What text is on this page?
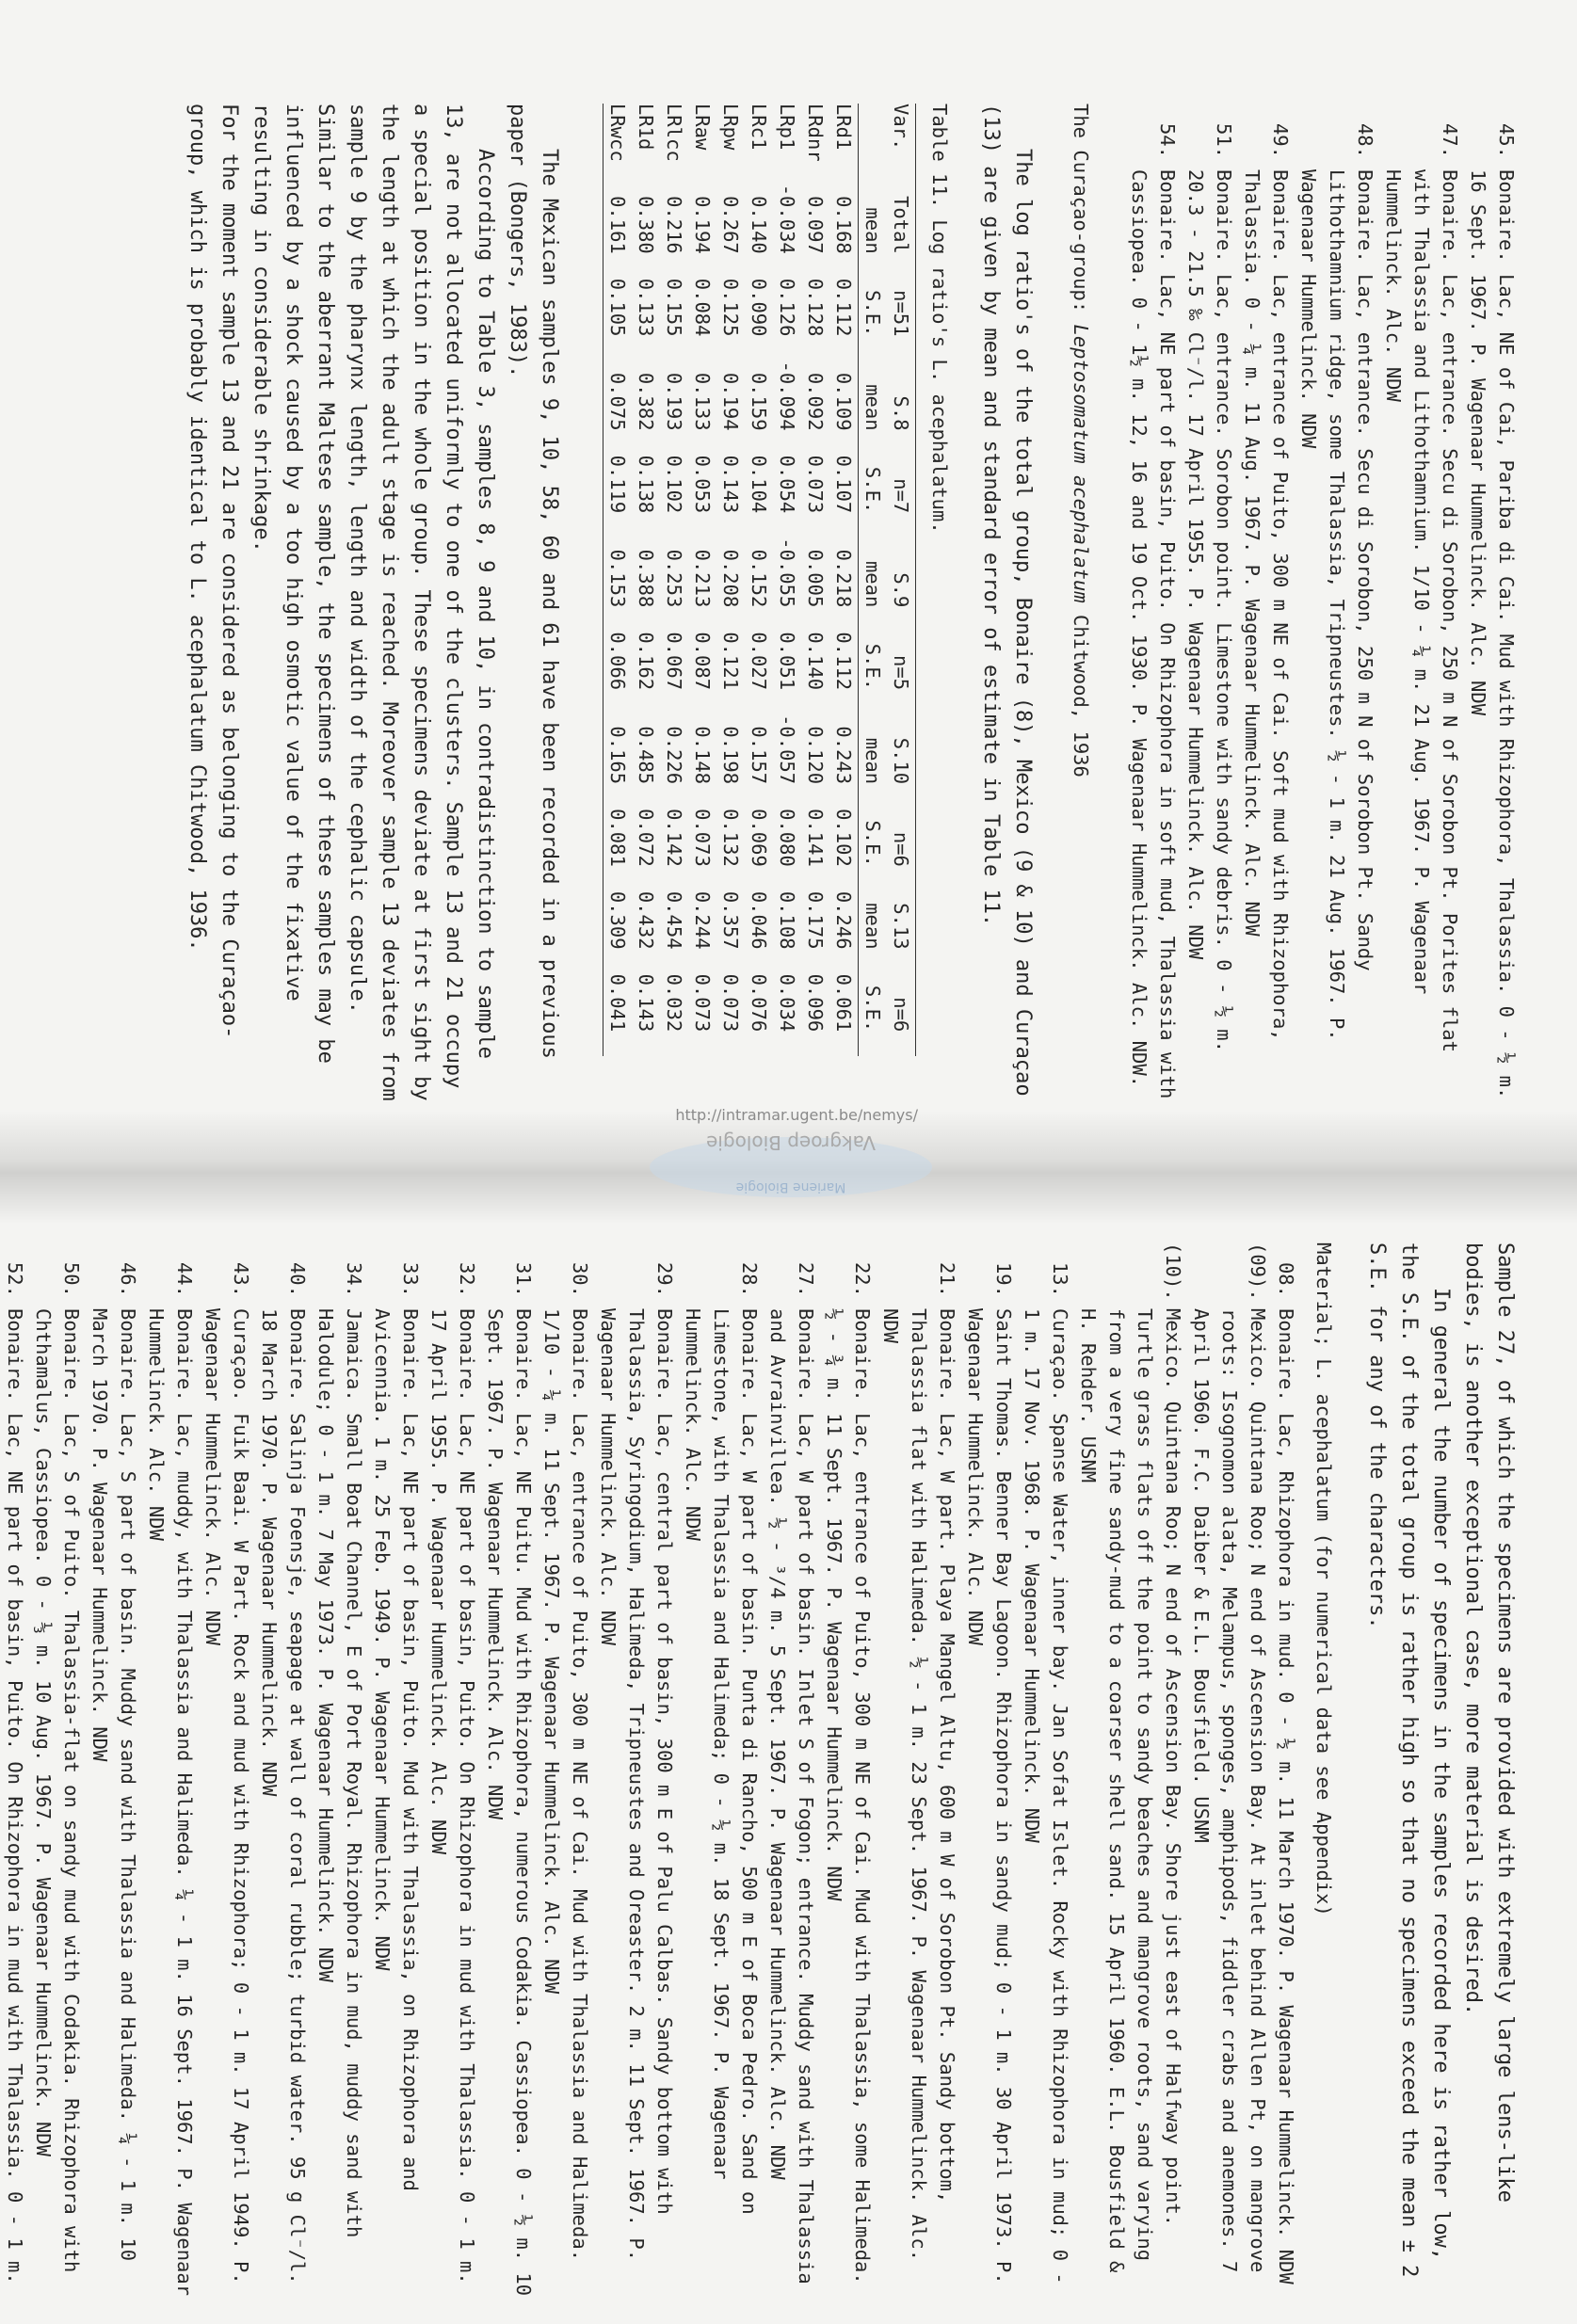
45.
Bonaire. Lac, NE of Cai, Pariba di Cai. Mud with Rhizophora, Thalassia. 0 - ½ m. 16 Sept. 1967. P. Wagenaar Hummelinck. Alc. NDW
47.
Bonaire. Lac, entrance. Secu di Sorobon, 250 m N of Sorobon Pt. Porites flat with Thalassia and Lithothamnium. 1/10 - ¼ m. 21 Aug. 1967. P. Wagenaar Hummelinck. Alc. NDW
48.
Bonaire. Lac, entrance. Secu di Sorobon, 250 m N of Sorobon Pt. Sandy Lithothamnium ridge, some Thalassia, Tripneustes. ½ - 1 m. 21 Aug. 1967. P. Wagenaar Hummelinck. NDW
49.
Bonaire. Lac, entrance of Puito, 300 m NE of Cai. Soft mud with Rhizophora, Thalassia. 0 - ¼ m. 11 Aug. 1967. P. Wagenaar Hummelinck. Alc. NDW
51.
Bonaire. Lac, entrance. Sorobon point. Limestone with sandy debris. 0 - ½ m. 20.3 - 21.5 ‰ Cl⁻/l. 17 April 1955. P. Wagenaar Hummelinck. Alc. NDW
54.
Bonaire. Lac, NE part of basin, Puito. On Rhizophora in soft mud, Thalassia with Cassiopea. 0 - 1½ m. 12, 16 and 19 Oct. 1930. P. Wagenaar Hummelinck. Alc. NDW.

The Curaçao-group: Leptosomatum acephalatum Chitwood, 1936

The log ratio's of the total group, Bonaire (8), Mexico (9 & 10) and Curaçao (13) are given by mean and standard error of estimate in Table 11.

Table 11. Log ratio's L. acephalatum.

Var.	Total	n=51	S.8	n=7	S.9	n=5	S.10	n=6	S.13	n=6
	mean	S.E.	mean	S.E.	mean	S.E.	mean	S.E.	mean	S.E.
LRd1	0.168	0.112	0.109	0.107	0.218	0.112	0.243	0.102	0.246	0.061
LRdnr	0.097	0.128	0.092	0.073	0.005	0.140	0.120	0.141	0.175	0.096
LRp1	-0.034	0.126	-0.094	0.054	-0.055	0.051	-0.057	0.080	0.108	0.034
LRc1	0.140	0.090	0.159	0.104	0.152	0.027	0.157	0.069	0.046	0.076
LRpw	0.267	0.125	0.194	0.143	0.208	0.121	0.198	0.132	0.357	0.073
LRaw	0.194	0.084	0.133	0.053	0.213	0.087	0.148	0.073	0.244	0.073
LRlcc	0.216	0.155	0.193	0.102	0.253	0.067	0.226	0.142	0.454	0.032
LR1d	0.380	0.133	0.382	0.138	0.388	0.162	0.485	0.072	0.432	0.143
LRwcc	0.161	0.105	0.075	0.119	0.153	0.066	0.165	0.081	0.309	0.041

The Mexican samples 9, 10, 58, 60 and 61 have been recorded in a previous paper (Bongers, 1983).

According to Table 3, samples 8, 9 and 10, in contradistinction to sample 13, are not allocated uniformly to one of the clusters. Sample 13 and 21 occupy a special position in the whole group. These specimens deviate at first sight by the length at which the adult stage is reached. Moreover sample 13 deviates from sample 9 by the pharynx length, length and width of the cephalic capsule. Similar to the aberrant Maltese sample, the specimens of these samples may be influenced by a shock caused by a too high osmotic value of the fixative resulting in considerable shrinkage.

For the moment sample 13 and 21 are considered as belonging to the Curaçao-group, which is probably identical to L. acephalatum Chitwood, 1936.

Mariene Biologie
Vakgroep Biologie
http://intramar.ugent.be/nemys/

Sample 27, of which the specimens are provided with extremely large lens-like bodies, is another exceptional case, more material is desired.

In general the number of specimens in the samples recorded here is rather low, the S.E. of the total group is rather high so that no specimens exceed the mean ± 2 S.E. for any of the characters.

Material; L. acephalatum (for numerical data see Appendix)

08.
Bonaire. Lac, Rhizophora in mud. 0 - ½ m. 11 March 1970. P. Wagenaar Hummelinck. NDW
(09).
Mexico. Quintana Roo; N end of Ascension Bay. At inlet behind Allen Pt, on mangrove roots: Isognomon alata, Melampus, sponges, amphipods, fiddler crabs and anemones. 7 April 1960. F.C. Daiber & E.L. Bousfield. USNM
(10).
Mexico. Quintana Roo; N end of Ascension Bay. Shore just east of Halfway point. Turtle grass flats off the point to sandy beaches and mangrove roots, sand varying from a very fine sandy-mud to a coarser shell sand. 15 April 1960. E.L. Bousfield & H. Rehder. USNM
13.
Curaçao. Spanse Water, inner bay. Jan Sofat Islet. Rocky with Rhizophora in mud; 0 - 1 m. 17 Nov. 1968. P. Wagenaar Hummelinck. NDW
19.
Saint Thomas. Benner Bay Lagoon. Rhizophora in sandy mud; 0 - 1 m. 30 April 1973. P. Wagenaar Hummelinck. Alc. NDW
21.
Bonaire. Lac, W part. Playa Mangel Altu, 600 m W of Sorobon Pt. Sandy bottom, Thalassia flat with Halimeda. ½ - 1 m. 23 Sept. 1967. P. Wagenaar Hummelinck. Alc. NDW
22.
Bonaire. Lac, entrance of Puito, 300 m NE of Cai. Mud with Thalassia, some Halimeda. ½ - ¾ m. 11 Sept. 1967. P. Wagenaar Hummelinck. NDW
27.
Bonaire. Lac, W part of basin. Inlet S of Fogon; entrance. Muddy sand with Thalassia and Avrainvillea. ½ - ³/4 m. 5 Sept. 1967. P. Wagenaar Hummelinck. Alc. NDW
28.
Bonaire. Lac, W part of basin. Punta di Rancho, 500 m E of Boca Pedro. Sand on Limestone, with Thalassia and Halimeda; 0 - ½ m. 18 Sept. 1967. P. Wagenaar Hummelinck. Alc. NDW
29.
Bonaire. Lac, central part of basin, 300 m E of Palu Calbas. Sandy bottom with Thalassia, Syringodium, Halimeda, Tripneustes and Oreaster. 2 m. 11 Sept. 1967. P. Wagenaar Hummelinck. Alc. NDW
30.
Bonaire. Lac, entrance of Puito, 300 m NE of Cai. Mud with Thalassia and Halimeda. 1/10 - ¼ m. 11 Sept. 1967. P. Wagenaar Hummelinck. Alc. NDW
31.
Bonaire. Lac, NE Puitu. Mud with Rhizophora, numerous Codakia. Cassiopea. 0 - ½ m. 10 Sept. 1967. P. Wagenaar Hummelinck. Alc. NDW
32.
Bonaire. Lac, NE part of basin, Puito. On Rhizophora in mud with Thalassia. 0 - 1 m. 17 April 1955. P. Wagenaar Hummelinck. Alc. NDW
33.
Bonaire. Lac, NE part of basin, Puito. Mud with Thalassia, on Rhizophora and Avicennia. 1 m. 25 Feb. 1949. P. Wagenaar Hummelinck. NDW
34.
Jamaica. Small Boat Channel, E of Port Royal. Rhizophora in mud, muddy sand with Halodule; 0 - 1 m. 7 May 1973. P. Wagenaar Hummelinck. NDW
40.
Bonaire. Salinja Foensje, seapage at wall of coral rubble; turbid water. 95 g Cl⁻/l. 18 March 1970. P. Wagenaar Hummelinck. NDW
43.
Curaçao. Fuik Baai. W Part. Rock and mud with Rhizophora; 0 - 1 m. 17 April 1949. P. Wagenaar Hummelinck. Alc. NDW
44.
Bonaire. Lac, muddy, with Thalassia and Halimeda. ¼ - 1 m. 16 Sept. 1967. P. Wagenaar Hummelinck. Alc. NDW
46.
Bonaire. Lac, S part of basin. Muddy sand with Thalassia and Halimeda. ¼ - 1 m. 10 March 1970. P. Wagenaar Hummelinck. NDW
50.
Bonaire. Lac, S of Puito. Thalassia-flat on sandy mud with Codakia. Rhizophora with Chthamalus, Cassiopea. 0 - ⅓ m. 10 Aug. 1967. P. Wagenaar Hummelinck. NDW
52.
Bonaire. Lac, NE part of basin, Puito. On Rhizophora in mud with Thalassia. 0 - 1 m.
